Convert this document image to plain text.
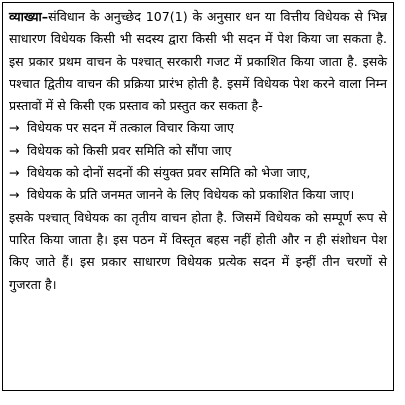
व्याख्या–संविधान के अनुच्छेद 107(1) के अनुसार धन या वित्तीय विधेयक से भिन्न साधारण विधेयक किसी भी सदस्य द्वारा किसी भी सदन में पेश किया जा सकता है. इस प्रकार प्रथम वाचन के पश्चात् सरकारी गजट में प्रकाशित किया जाता है. इसके पश्चात द्वितीय वाचन की प्रक्रिया प्रारंभ होती है. इसमें विधेयक पेश करने वाला निम्न प्रस्तावों में से किसी एक प्रस्ताव को प्रस्तुत कर सकता है-

→ विधेयक पर सदन में तत्काल विचार किया जाए

→ विधेयक को किसी प्रवर समिति को सौंपा जाए

→ विधेयक को दोनों सदनों की संयुक्त प्रवर समिति को भेजा जाए,

→ विधेयक के प्रति जनमत जानने के लिए विधेयक को प्रकाशित किया जाए।

इसके पश्चात् विधेयक का तृतीय वाचन होता है. जिसमें विधेयक को सम्पूर्ण रूप से पारित किया जाता है। इस पठन में विस्तृत बहस नहीं होती और न ही संशोधन पेश किए जाते हैं। इस प्रकार साधारण विधेयक प्रत्येक सदन में इन्हीं तीन चरणों से गुजरता है।
